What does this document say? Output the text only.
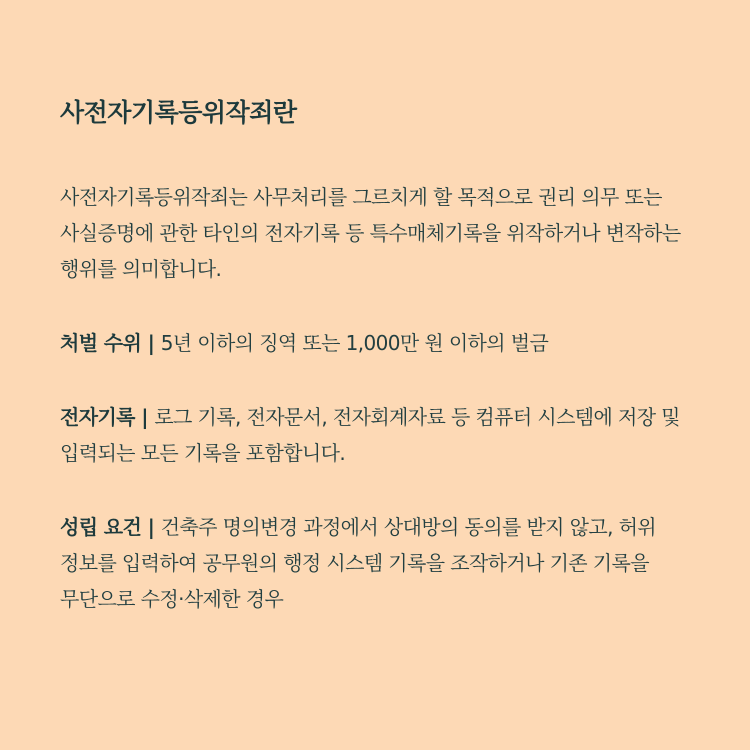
사전자기록등위작죄란

사전자기록등위작죄는 사무처리를 그르치게 할 목적으로 권리 의무 또는 사실증명에 관한 타인의 전자기록 등 특수매체기록을 위작하거나 변작하는 행위를 의미합니다.

처벌 수위 | 5년 이하의 징역 또는 1,000만 원 이하의 벌금

전자기록 | 로그 기록, 전자문서, 전자회계자료 등 컴퓨터 시스템에 저장 및 입력되는 모든 기록을 포함합니다.

성립 요건 | 건축주 명의변경 과정에서 상대방의 동의를 받지 않고, 허위 정보를 입력하여 공무원의 행정 시스템 기록을 조작하거나 기존 기록을 무단으로 수정·삭제한 경우
